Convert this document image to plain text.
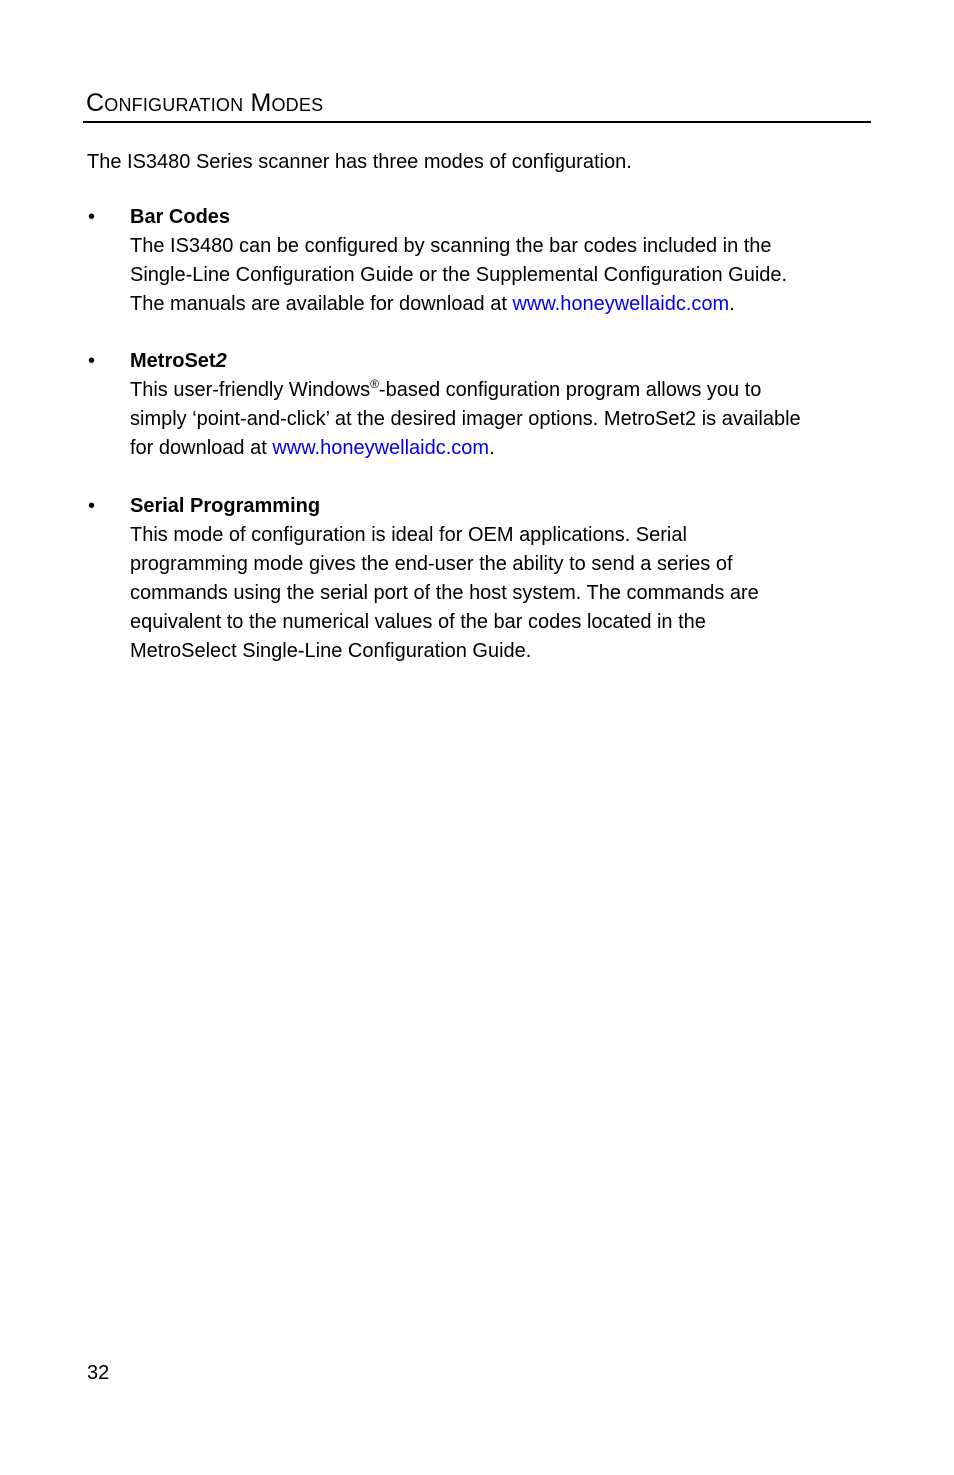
Configuration Modes
The IS3480 Series scanner has three modes of configuration.
• Bar Codes
The IS3480 can be configured by scanning the bar codes included in the
Single-Line Configuration Guide or the Supplemental Configuration Guide.
The manuals are available for download at www.honeywellaidc.com.
• MetroSet2
This user-friendly Windows®-based configuration program allows you to
simply ‘point-and-click’ at the desired imager options. MetroSet2 is available
for download at www.honeywellaidc.com.
• Serial Programming
This mode of configuration is ideal for OEM applications. Serial
programming mode gives the end-user the ability to send a series of
commands using the serial port of the host system. The commands are
equivalent to the numerical values of the bar codes located in the
MetroSelect Single-Line Configuration Guide.
32
